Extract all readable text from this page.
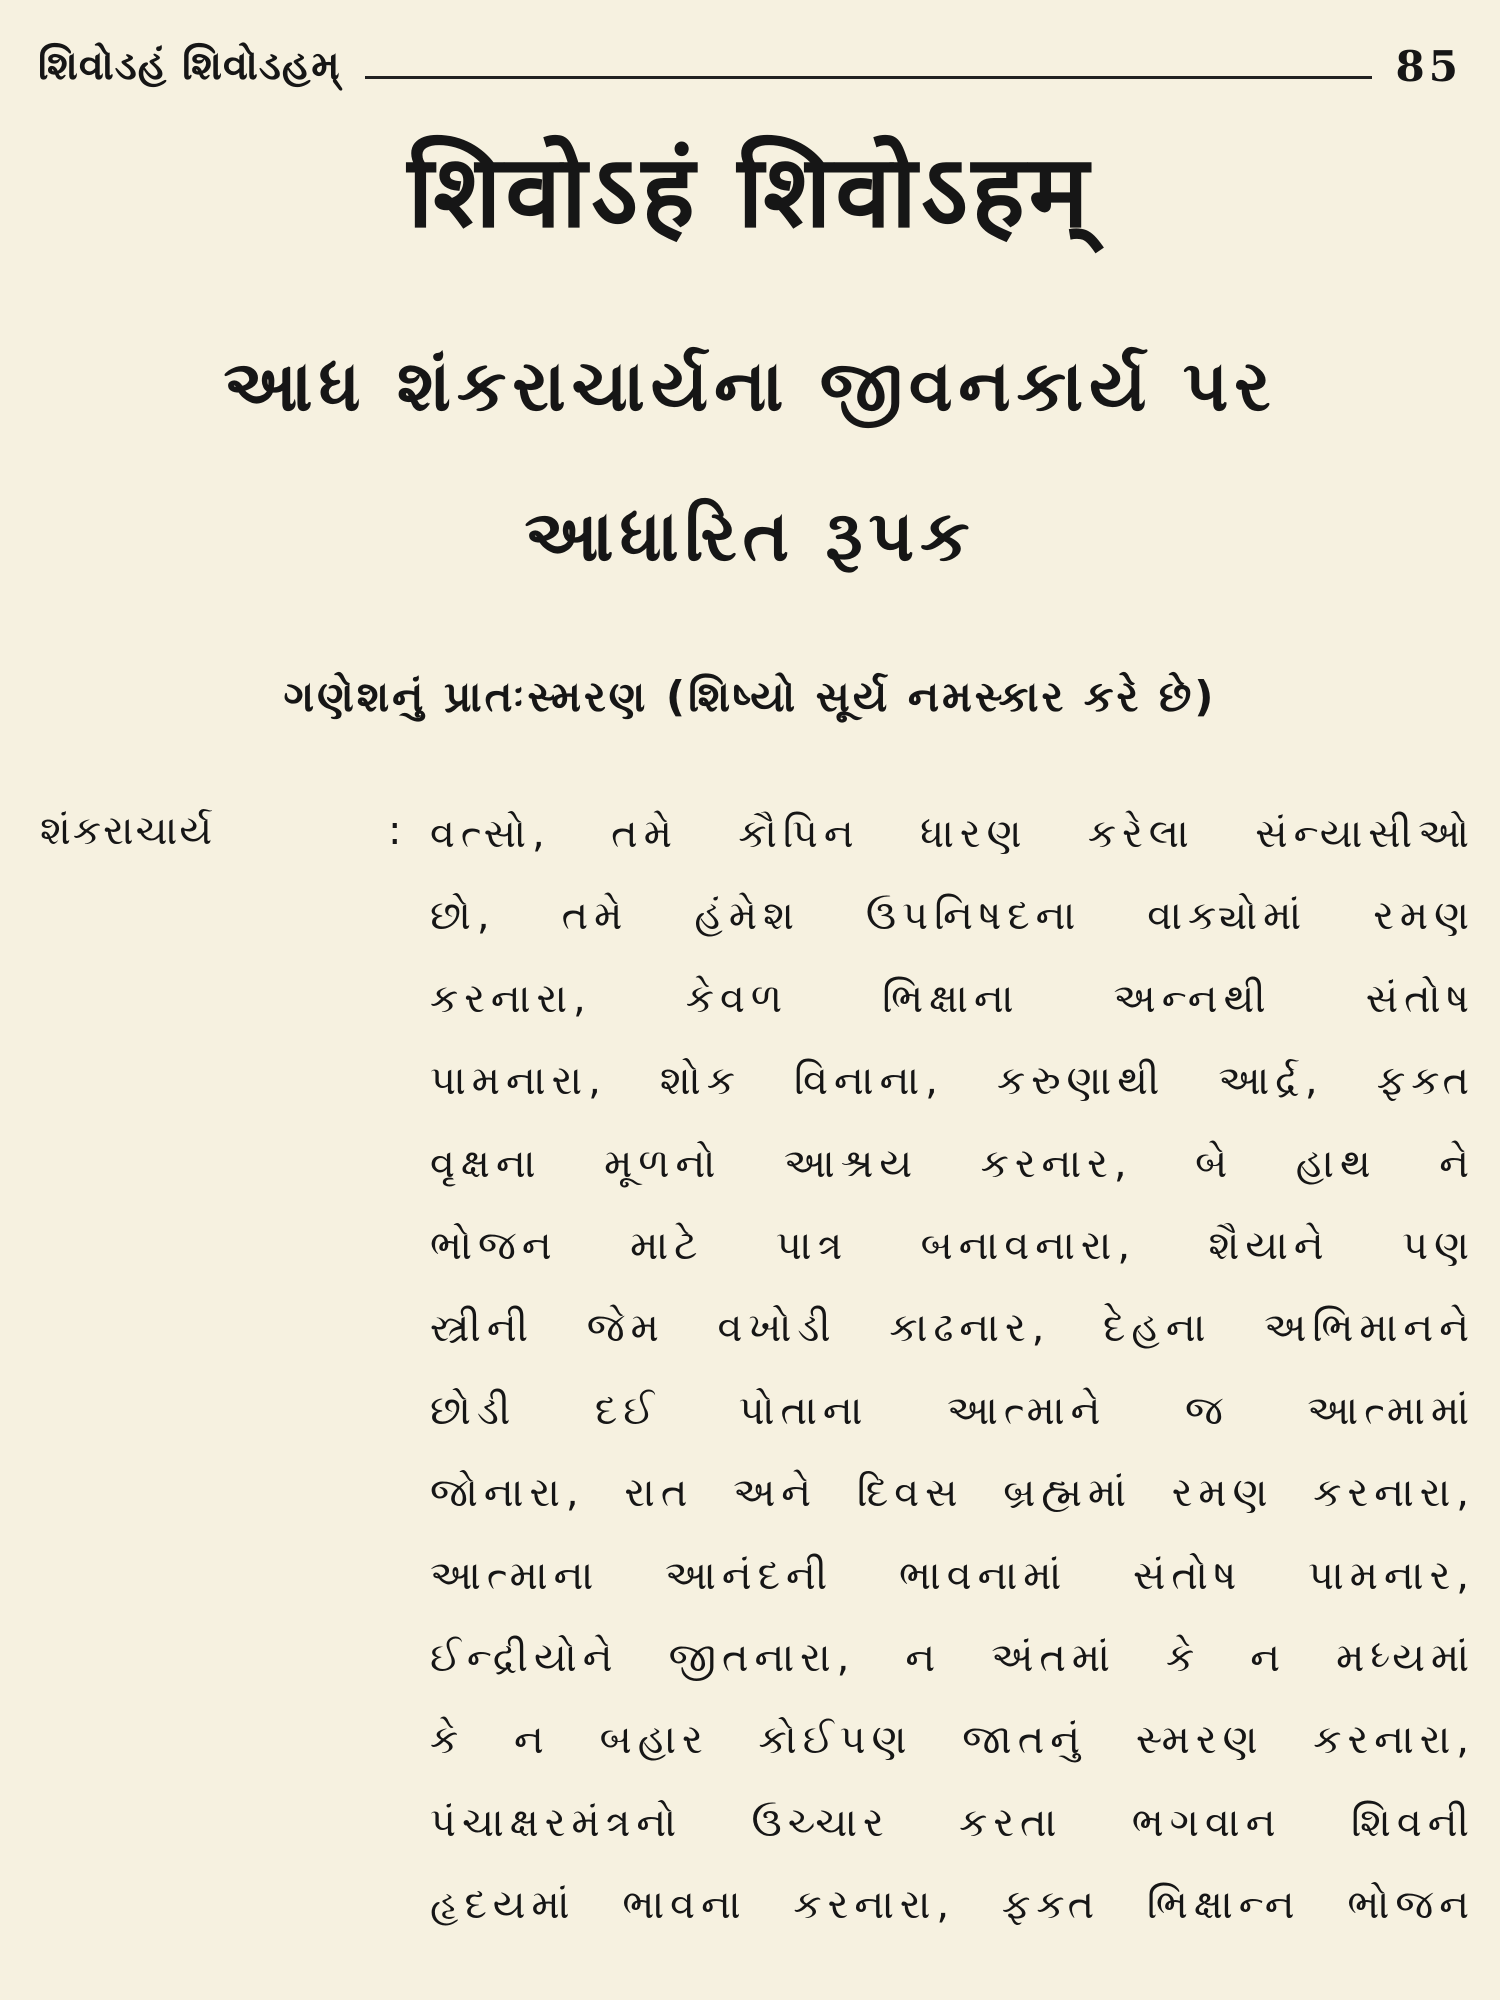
શિવોડહં શિવોડહમ્	85
शिवोऽहं शिवोऽहम्
આધ શંકરાચાર્યના જીવનકાર્ય પર
આધારિત રૂપક
ગણેશનું પ્રાતઃસ્મરણ (શિષ્યો સૂર્ય નમસ્કાર કરે છે)
શંકરાચાર્ય	: વત્સો, તમે કૌપિન ધારણ કરેલા સંન્યાસીઓ
છો, તમે હંમેશ ઉપનિષદના વાક્યોમાં રમણ
કરનારા, કેવળ ભિક્ષાના અન્નથી સંતોષ
પામનારા, શોક વિનાના, કરુણાથી આર્દ્ર, ફક્ત
વૃક્ષના મૂળનો આશ્રય કરનાર, બે હાથ ને
ભોજન માટે પાત્ર બનાવનારા, શૈયાને પણ
સ્ત્રીની જેમ વખોડી કાઢનાર, દેહના અભિમાનને
છોડી દઈ પોતાના આત્માને જ આત્મામાં
જોનારા, રાત અને દિવસ બ્રહ્મમાં રમણ કરનારા,
આત્માના આનંદની ભાવનામાં સંતોષ પામનાર,
ઈન્દ્રીયોને જીતનારા, ન અંતમાં કે ન મધ્યમાં
કે ન બહાર કોઈપણ જાતનું સ્મરણ કરનારા,
પંચાક્ષરમંત્રનો ઉચ્ચાર કરતા ભગવાન શિવની
હૃદયમાં ભાવના કરનારા, ફક્ત ભિક્ષાન્ન ભોજન
